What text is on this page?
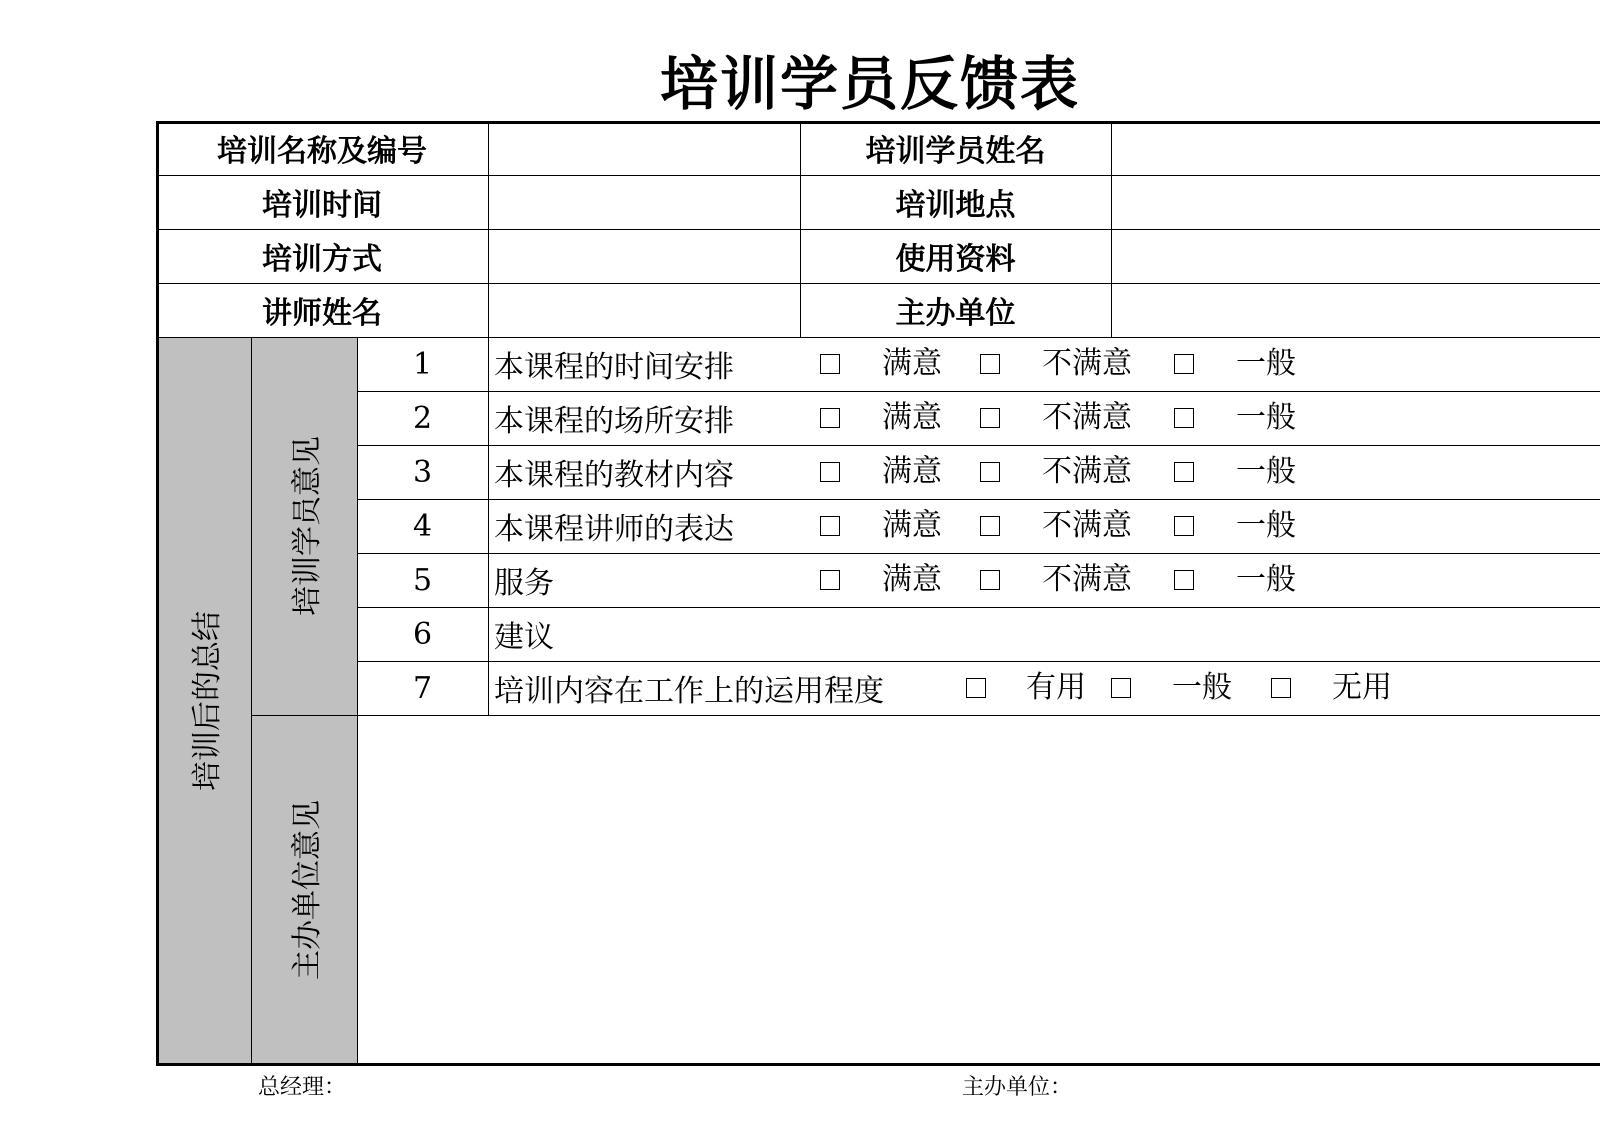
培训学员反馈表
培训名称及编号	培训学员姓名
培训时间	培训地点
培训方式	使用资料
讲师姓名	主办单位
培训后的总结
培训学员意见
主办单位意见
1	本课程的时间安排	满意	不满意	一般
2	本课程的场所安排	满意	不满意	一般
3	本课程的教材内容	满意	不满意	一般
4	本课程讲师的表达	满意	不满意	一般
5	服务	满意	不满意	一般
6	建议
7	培训内容在工作上的运用程度	有用	一般	无用
总经理：	主办单位：
